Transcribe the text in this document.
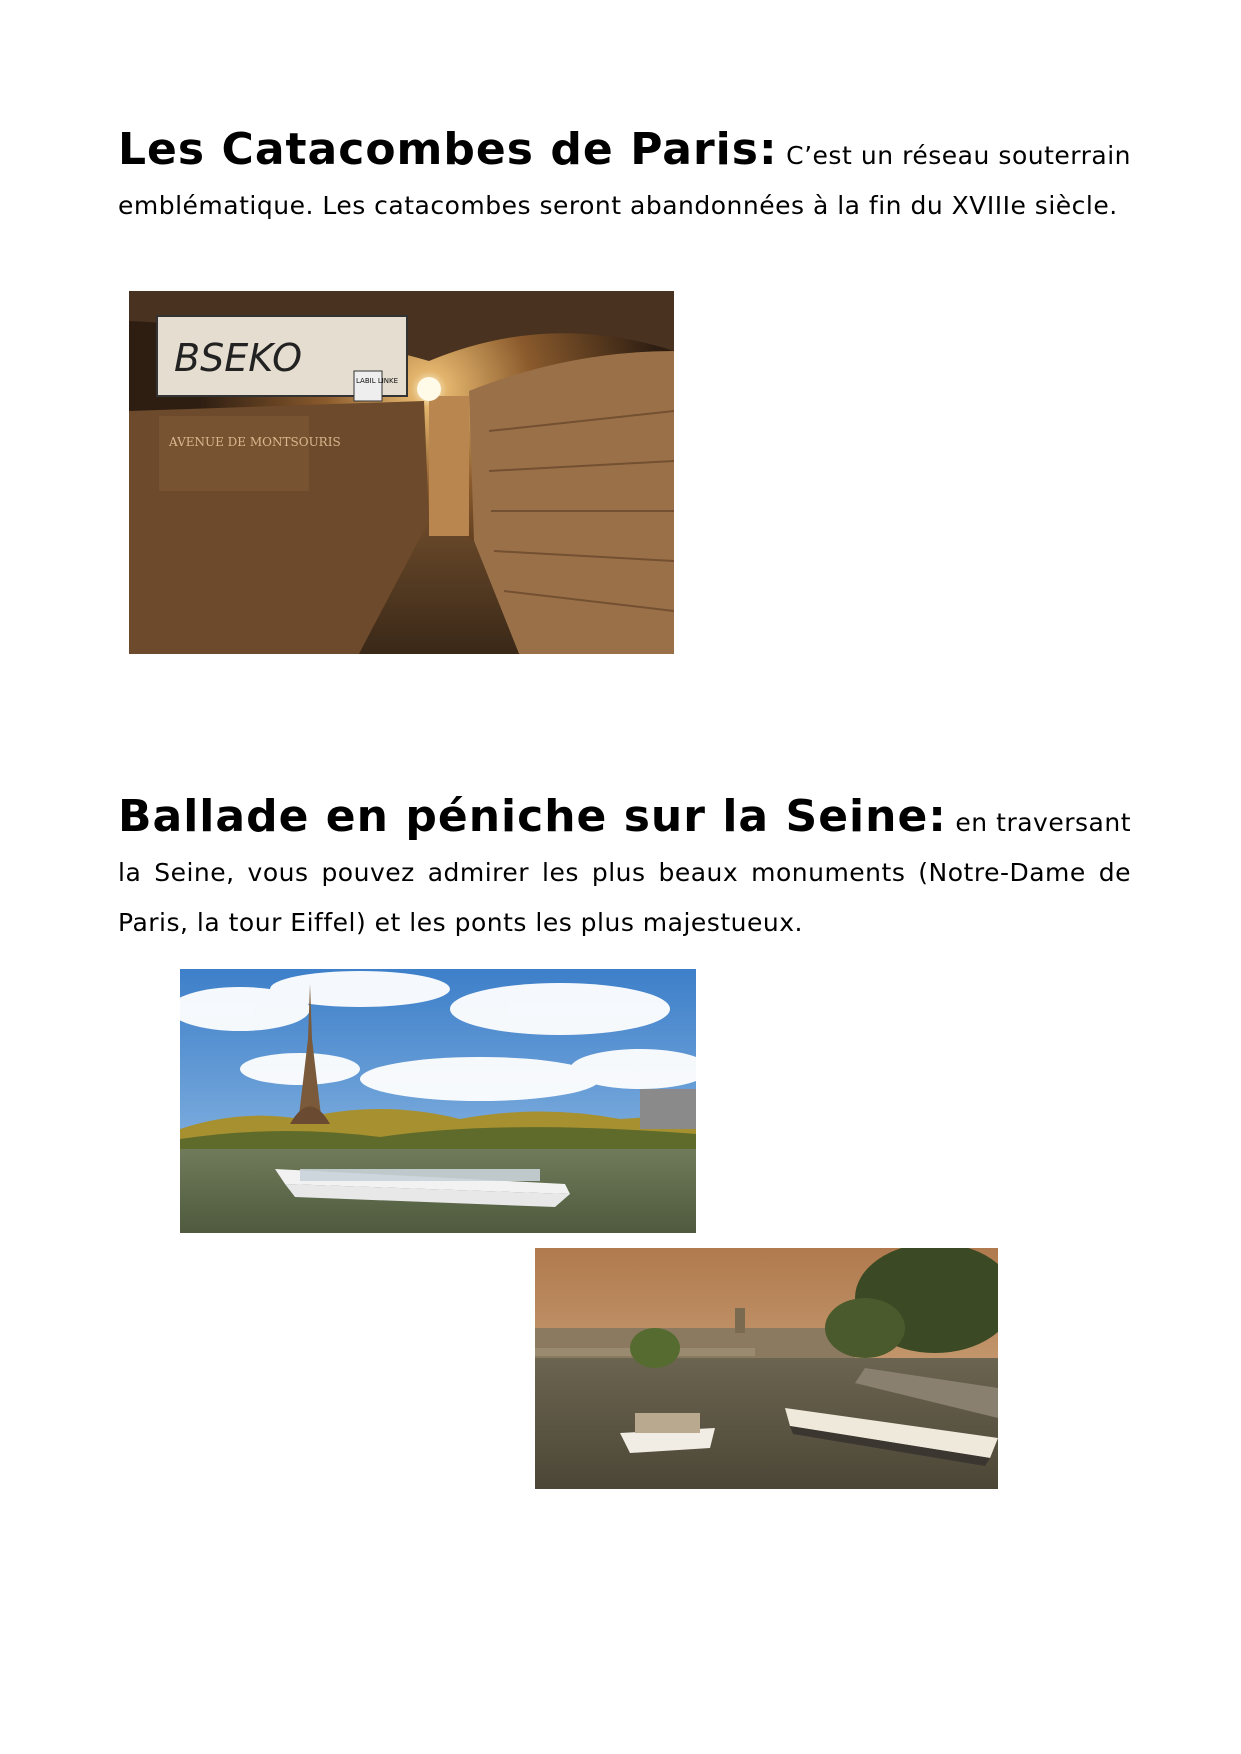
Les Catacombes de Paris: C’est un réseau souterrain emblématique. Les catacombes seront abandonnées à la fin du XVIIIe siècle.
BSEKO
LABIL LINKE
AVENUE DE MONTSOURIS
Ballade en péniche sur la Seine: en traversant la Seine, vous pouvez admirer les plus beaux monuments (Notre-Dame de Paris, la tour Eiffel) et les ponts les plus majestueux.
